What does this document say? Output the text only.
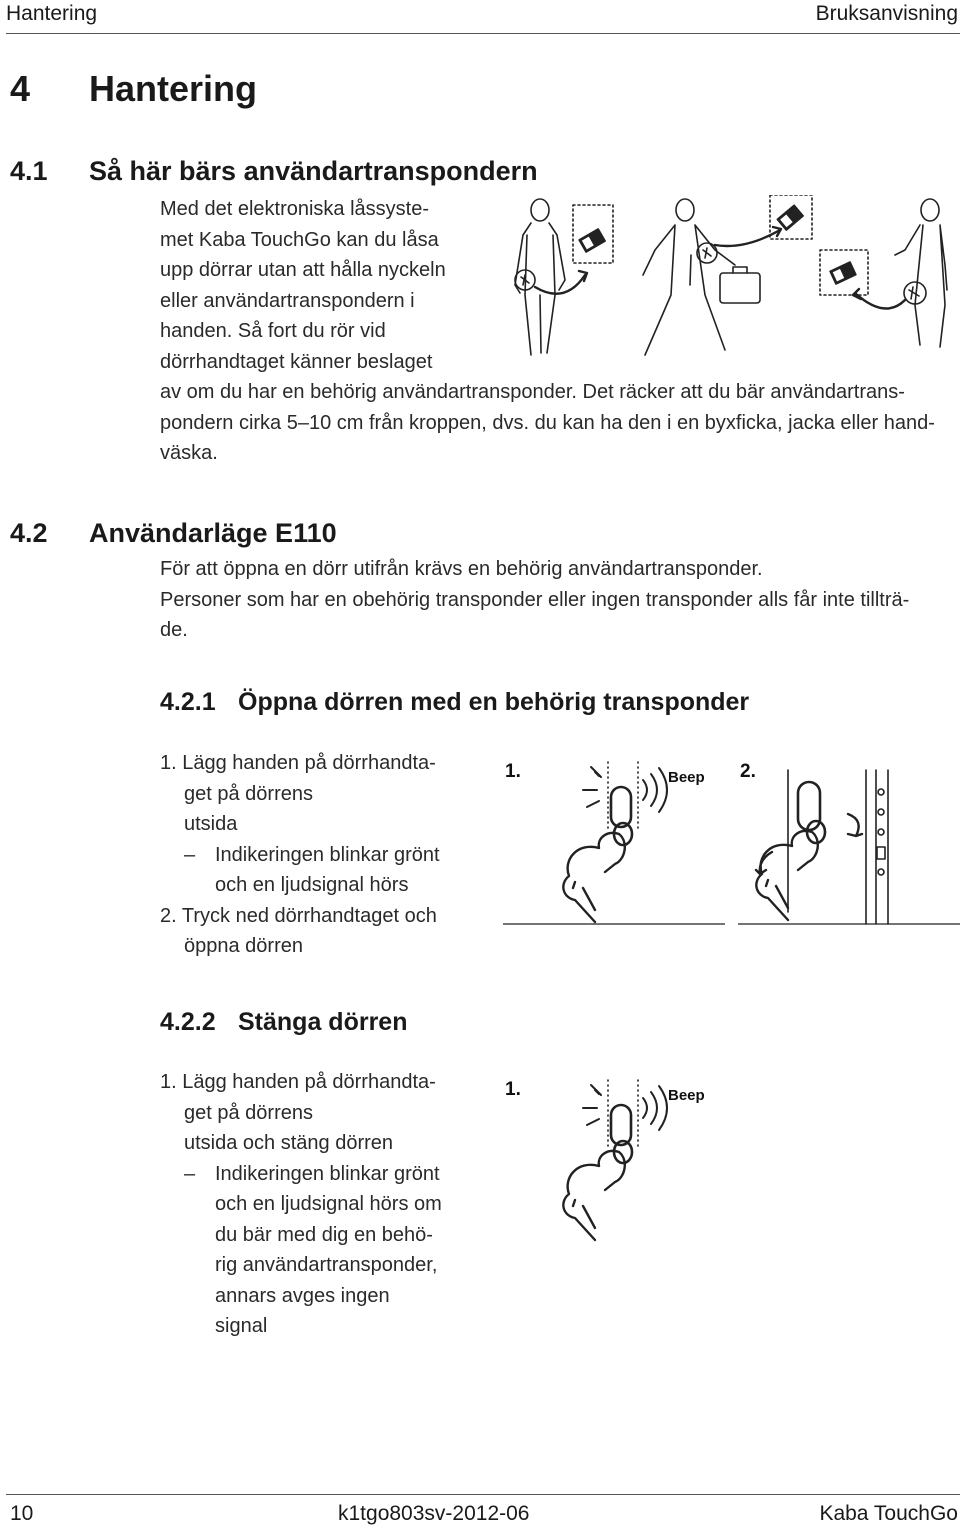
Hantering	Bruksanvisning
4 Hantering
4.1 Så här bärs användartranspondern

Med det elektroniska låssyste-

met Kaba TouchGo kan du låsa

upp dörrar utan att hålla nyckeln

eller användartranspondern i

handen. Så fort du rör vid

dörrhandtaget känner beslaget

av om du har en behörig användartransponder. Det räcker att du bär användartrans-

pondern cirka 5–10 cm från kroppen, dvs. du kan ha den i en byxficka, jacka eller hand-

väska.

4.2 Användarläge E110

För att öppna en dörr utifrån krävs en behörig användartransponder.

Personer som har en obehörig transponder eller ingen transponder alls får inte tillträ-

de.

4.2.1 Öppna dörren med en behörig transponder

1. Lägg handen på dörrhandta-

get på dörrens

utsida

– Indikeringen blinkar grönt

och en ljudsignal hörs

2. Tryck ned dörrhandtaget och

öppna dörren

1.	Beep 2.
4.2.2 Stänga dörren

1. Lägg handen på dörrhandta-

get på dörrens

utsida och stäng dörren

– Indikeringen blinkar grönt

och en ljudsignal hörs om

du bär med dig en behö-

rig användartransponder,

annars avges ingen

signal

1.	Beep
10	k1tgo803sv-2012-06	Kaba TouchGo
